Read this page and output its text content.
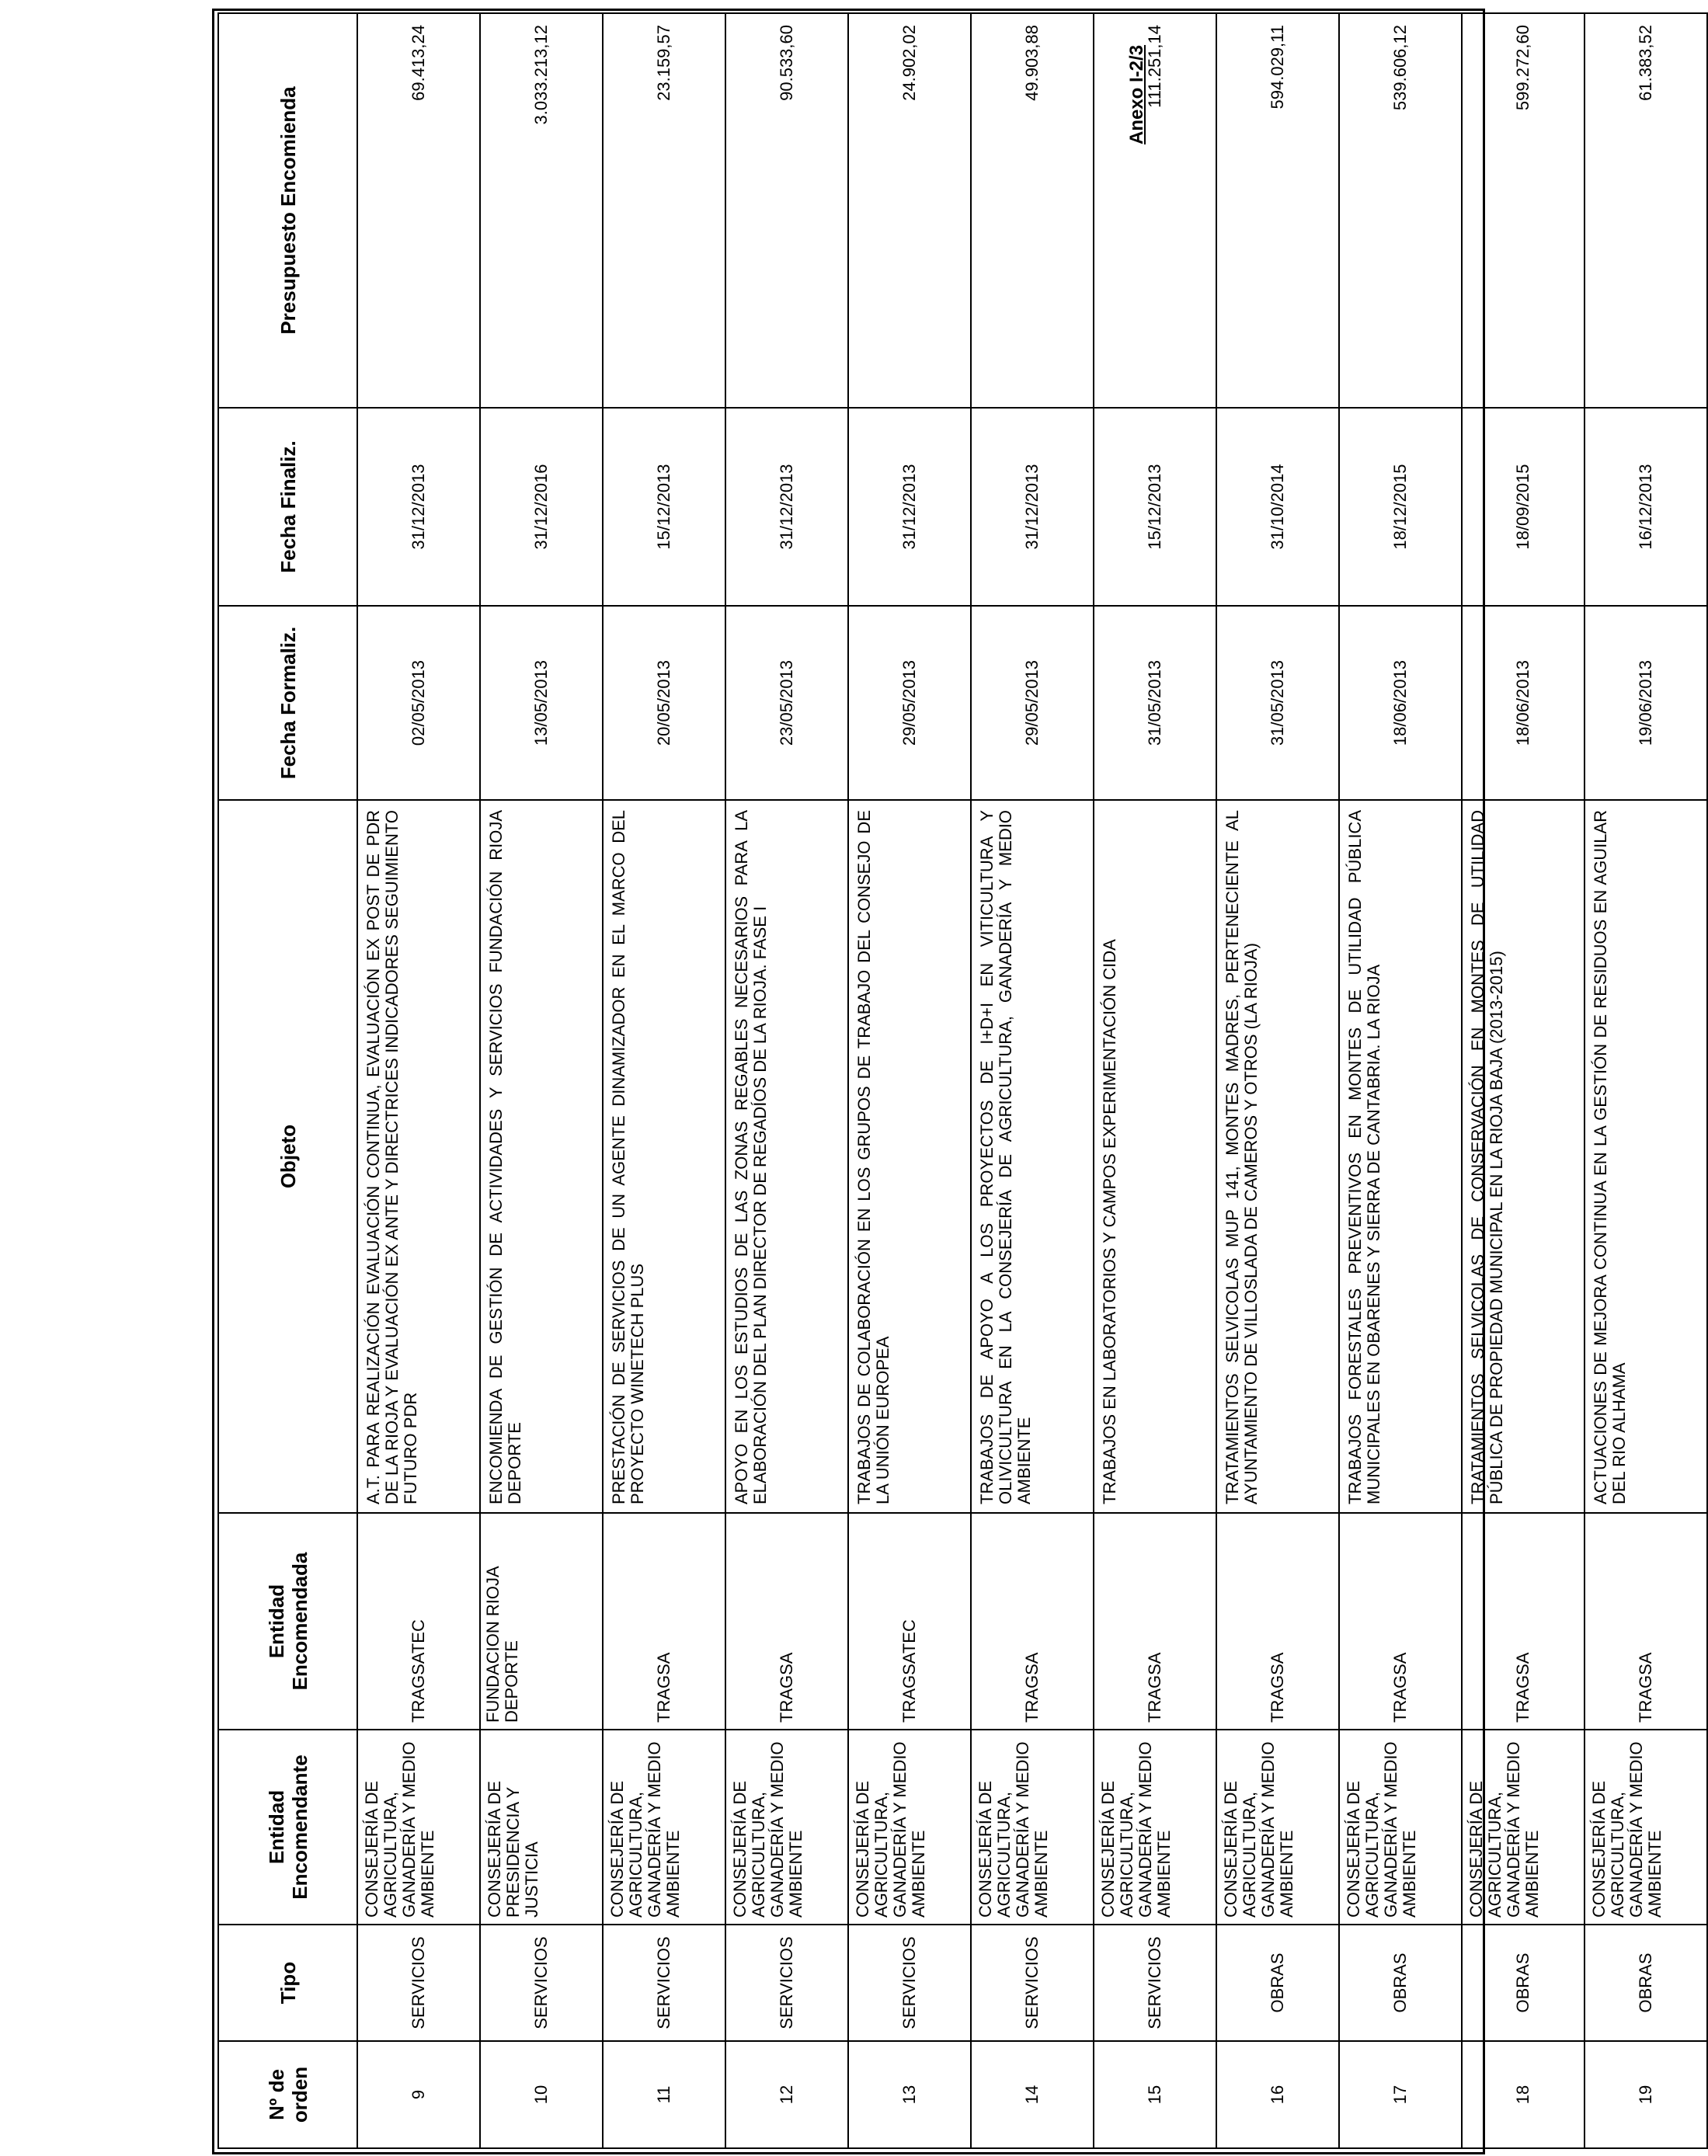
Anexo I-2/3
Nº de orden	Tipo	Entidad Encomendante	Entidad Encomendada	Objeto	Fecha Formaliz.	Fecha Finaliz.	Presupuesto Encomienda
9	SERVICIOS	CONSEJERÍA DE AGRICULTURA, GANADERÍA Y MEDIO AMBIENTE	TRAGSATEC	A.T. PARA REALIZACIÓN EVALUACIÓN CONTINUA, EVALUACIÓN EX POST DE PDR DE LA RIOJA Y EVALUACIÓN EX ANTE Y DIRECTRICES INDICADORES SEGUIMIENTO FUTURO PDR	02/05/2013	31/12/2013	69.413,24
10	SERVICIOS	CONSEJERÍA DE PRESIDENCIA Y JUSTICIA	FUNDACION RIOJA DEPORTE	ENCOMIENDA DE GESTIÓN DE ACTIVIDADES Y SERVICIOS FUNDACIÓN RIOJA DEPORTE	13/05/2013	31/12/2016	3.033.213,12
11	SERVICIOS	CONSEJERÍA DE AGRICULTURA, GANADERÍA Y MEDIO AMBIENTE	TRAGSA	PRESTACIÓN DE SERVICIOS DE UN AGENTE DINAMIZADOR EN EL MARCO DEL PROYECTO WINETECH PLUS	20/05/2013	15/12/2013	23.159,57
12	SERVICIOS	CONSEJERÍA DE AGRICULTURA, GANADERÍA Y MEDIO AMBIENTE	TRAGSA	APOYO EN LOS ESTUDIOS DE LAS ZONAS REGABLES NECESARIOS PARA LA ELABORACIÓN DEL PLAN DIRECTOR DE REGADÍOS DE LA RIOJA. FASE I	23/05/2013	31/12/2013	90.533,60
13	SERVICIOS	CONSEJERÍA DE AGRICULTURA, GANADERÍA Y MEDIO AMBIENTE	TRAGSATEC	TRABAJOS DE COLABORACIÓN EN LOS GRUPOS DE TRABAJO DEL CONSEJO DE LA UNIÓN EUROPEA	29/05/2013	31/12/2013	24.902,02
14	SERVICIOS	CONSEJERÍA DE AGRICULTURA, GANADERÍA Y MEDIO AMBIENTE	TRAGSA	TRABAJOS DE APOYO A LOS PROYECTOS DE I+D+I EN VITICULTURA Y OLIVICULTURA EN LA CONSEJERÍA DE AGRICULTURA, GANADERÍA Y MEDIO AMBIENTE	29/05/2013	31/12/2013	49.903,88
15	SERVICIOS	CONSEJERÍA DE AGRICULTURA, GANADERÍA Y MEDIO AMBIENTE	TRAGSA	TRABAJOS EN LABORATORIOS Y CAMPOS EXPERIMENTACIÓN CIDA	31/05/2013	15/12/2013	111.251,14
16	OBRAS	CONSEJERÍA DE AGRICULTURA, GANADERÍA Y MEDIO AMBIENTE	TRAGSA	TRATAMIENTOS SELVICOLAS MUP 141, MONTES MADRES, PERTENECIENTE AL AYUNTAMIENTO DE VILLOSLADA DE CAMEROS Y OTROS (LA RIOJA)	31/05/2013	31/10/2014	594.029,11
17	OBRAS	CONSEJERÍA DE AGRICULTURA, GANADERÍA Y MEDIO AMBIENTE	TRAGSA	TRABAJOS FORESTALES PREVENTIVOS EN MONTES DE UTILIDAD PÚBLICA MUNICIPALES EN OBARENES Y SIERRA DE CANTABRIA. LA RIOJA	18/06/2013	18/12/2015	539.606,12
18	OBRAS	CONSEJERÍA DE AGRICULTURA, GANADERÍA Y MEDIO AMBIENTE	TRAGSA	TRATAMIENTOS SELVICOLAS DE CONSERVACIÓN EN MONTES DE UTILIDAD PÚBLICA DE PROPIEDAD MUNICIPAL EN LA RIOJA BAJA (2013-2015)	18/06/2013	18/09/2015	599.272,60
19	OBRAS	CONSEJERÍA DE AGRICULTURA, GANADERÍA Y MEDIO AMBIENTE	TRAGSA	ACTUACIONES DE MEJORA CONTINUA EN LA GESTIÓN DE RESIDUOS EN AGUILAR DEL RIO ALHAMA	19/06/2013	16/12/2013	61.383,52
